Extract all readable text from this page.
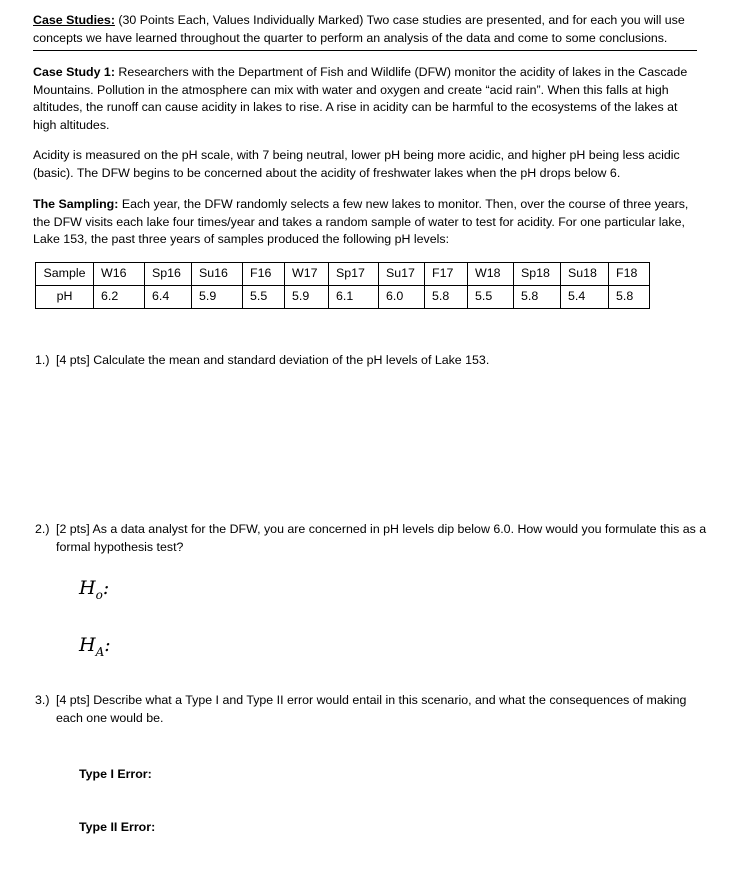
Case Studies: (30 Points Each, Values Individually Marked) Two case studies are presented, and for each you will use concepts we have learned throughout the quarter to perform an analysis of the data and come to some conclusions.
Case Study 1: Researchers with the Department of Fish and Wildlife (DFW) monitor the acidity of lakes in the Cascade Mountains. Pollution in the atmosphere can mix with water and oxygen and create “acid rain”. When this falls at high altitudes, the runoff can cause acidity in lakes to rise. A rise in acidity can be harmful to the ecosystems of the lakes at high altitudes.
Acidity is measured on the pH scale, with 7 being neutral, lower pH being more acidic, and higher pH being less acidic (basic). The DFW begins to be concerned about the acidity of freshwater lakes when the pH drops below 6.
The Sampling: Each year, the DFW randomly selects a few new lakes to monitor. Then, over the course of three years, the DFW visits each lake four times/year and takes a random sample of water to test for acidity. For one particular lake, Lake 153, the past three years of samples produced the following pH levels:
Sample	W16	Sp16	Su16	F16	W17	Sp17	Su17	F17	W18	Sp18	Su18	F18
pH	6.2	6.4	5.9	5.5	5.9	6.1	6.0	5.8	5.5	5.8	5.4	5.8
1.) [4 pts] Calculate the mean and standard deviation of the pH levels of Lake 153.
2.) [2 pts] As a data analyst for the DFW, you are concerned in pH levels dip below 6.0. How would you formulate this as a formal hypothesis test?
$H_o$:
$H_A$:
3.) [4 pts] Describe what a Type I and Type II error would entail in this scenario, and what the consequences of making each one would be.
Type I Error:
Type II Error:
